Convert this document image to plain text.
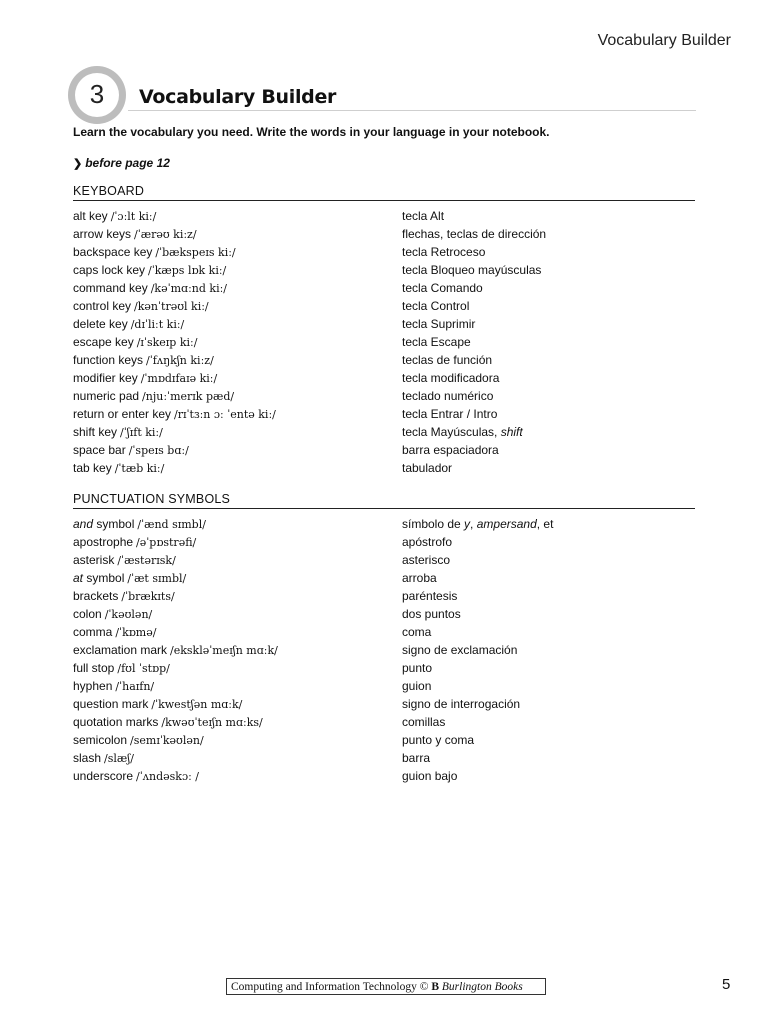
Vocabulary Builder
3	Vocabulary Builder
Learn the vocabulary you need. Write the words in your language in your notebook.
❯ before page 12
KEYBOARD
alt key /ˈɔːlt kiː/	tecla Alt
arrow keys /ˈærəʊ kiːz/	flechas, teclas de dirección
backspace key /ˈbækspeɪs kiː/	tecla Retroceso
caps lock key /ˈkæps lɒk kiː/	tecla Bloqueo mayúsculas
command key /kəˈmɑːnd kiː/	tecla Comando
control key /kənˈtrəʊl kiː/	tecla Control
delete key /dɪˈliːt kiː/	tecla Suprimir
escape key /ɪˈskeɪp kiː/	tecla Escape
function keys /ˈfʌŋkʃn kiːz/	teclas de función
modifier key /ˈmɒdɪfaɪə kiː/	tecla modificadora
numeric pad /njuːˈmerɪk pæd/	teclado numérico
return or enter key /rɪˈtɜːn ɔː ˈentə kiː/	tecla Entrar / Intro
shift key /ˈʃɪft kiː/	tecla Mayúsculas, shift
space bar /ˈspeɪs bɑː/	barra espaciadora
tab key /ˈtæb kiː/	tabulador
PUNCTUATION SYMBOLS
and symbol /ˈænd sɪmbl/	símbolo de y, ampersand, et
apostrophe /əˈpɒstrəfi/	apóstrofo
asterisk /ˈæstərɪsk/	asterisco
at symbol /ˈæt sɪmbl/	arroba
brackets /ˈbrækɪts/	paréntesis
colon /ˈkəʊlən/	dos puntos
comma /ˈkɒmə/	coma
exclamation mark /ekskləˈmeɪʃn mɑːk/	signo de exclamación
full stop /fʊl ˈstɒp/	punto
hyphen /ˈhaɪfn/	guion
question mark /ˈkwestʃən mɑːk/	signo de interrogación
quotation marks /kwəʊˈteɪʃn mɑːks/	comillas
semicolon /semɪˈkəʊlən/	punto y coma
slash /slæʃ/	barra
underscore /ˈʌndəskɔː /	guion bajo
Computing and Information Technology © B Burlington Books	5
